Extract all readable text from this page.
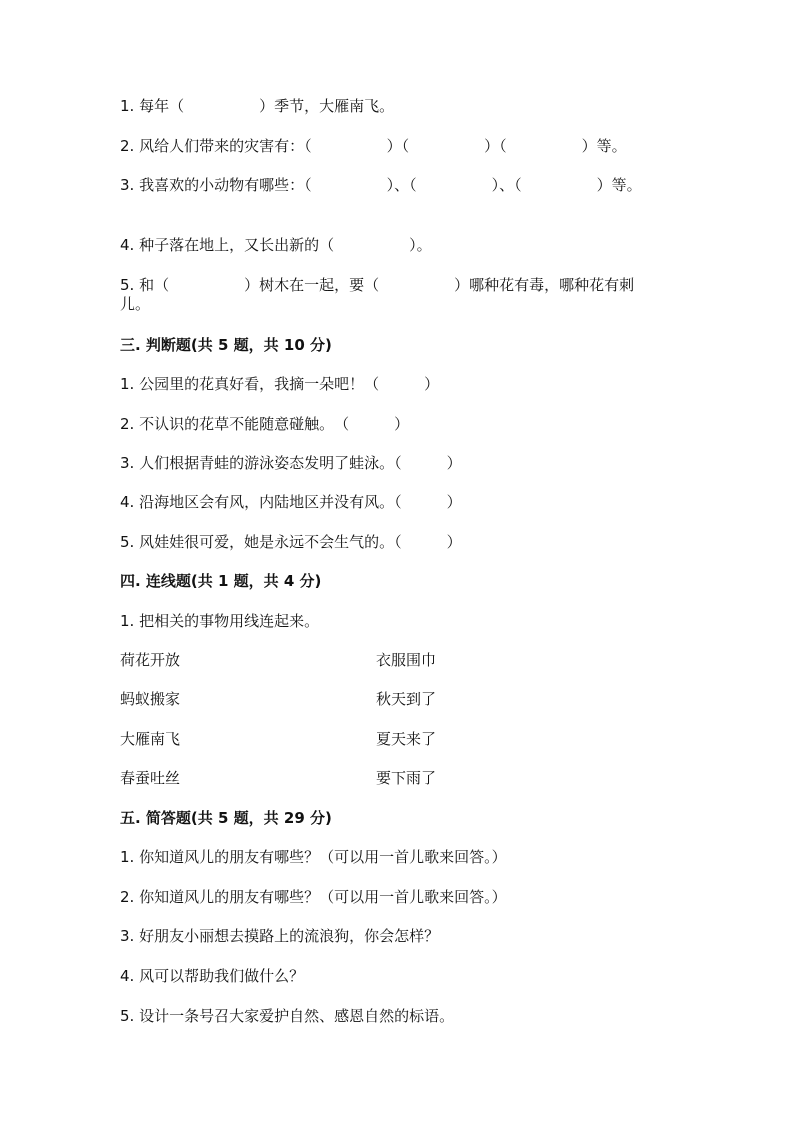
1. 每年（　　　　　）季节，大雁南飞。
2. 风给人们带来的灾害有：（　　　　　）（　　　　　）（　　　　　）等。
3. 我喜欢的小动物有哪些：（　　　　　）、（　　　　　）、（　　　　　）等。
4. 种子落在地上，又长出新的（　　　　　）。
5. 和（　　　　　）树木在一起，要（　　　　　）哪种花有毒，哪种花有刺儿。
三. 判断题(共 5 题，共 10 分)
1. 公园里的花真好看，我摘一朵吧！（　　　）
2. 不认识的花草不能随意碰触。　（　　　）
3. 人们根据青蛙的游泳姿态发明了蛙泳。（　　　）
4. 沿海地区会有风，内陆地区并没有风。（　　　）
5. 风娃娃很可爱，她是永远不会生气的。（　　　）
四. 连线题(共 1 题，共 4 分)
1. 把相关的事物用线连起来。
荷花开放	衣服围巾
蚂蚁搬家	秋天到了
大雁南飞	夏天来了
春蚕吐丝	要下雨了
五. 简答题(共 5 题，共 29 分)
1. 你知道风儿的朋友有哪些？（可以用一首儿歌来回答。）
2. 你知道风儿的朋友有哪些？（可以用一首儿歌来回答。）
3. 好朋友小丽想去摸路上的流浪狗，你会怎样？
4. 风可以帮助我们做什么？
5. 设计一条号召大家爱护自然、感恩自然的标语。
